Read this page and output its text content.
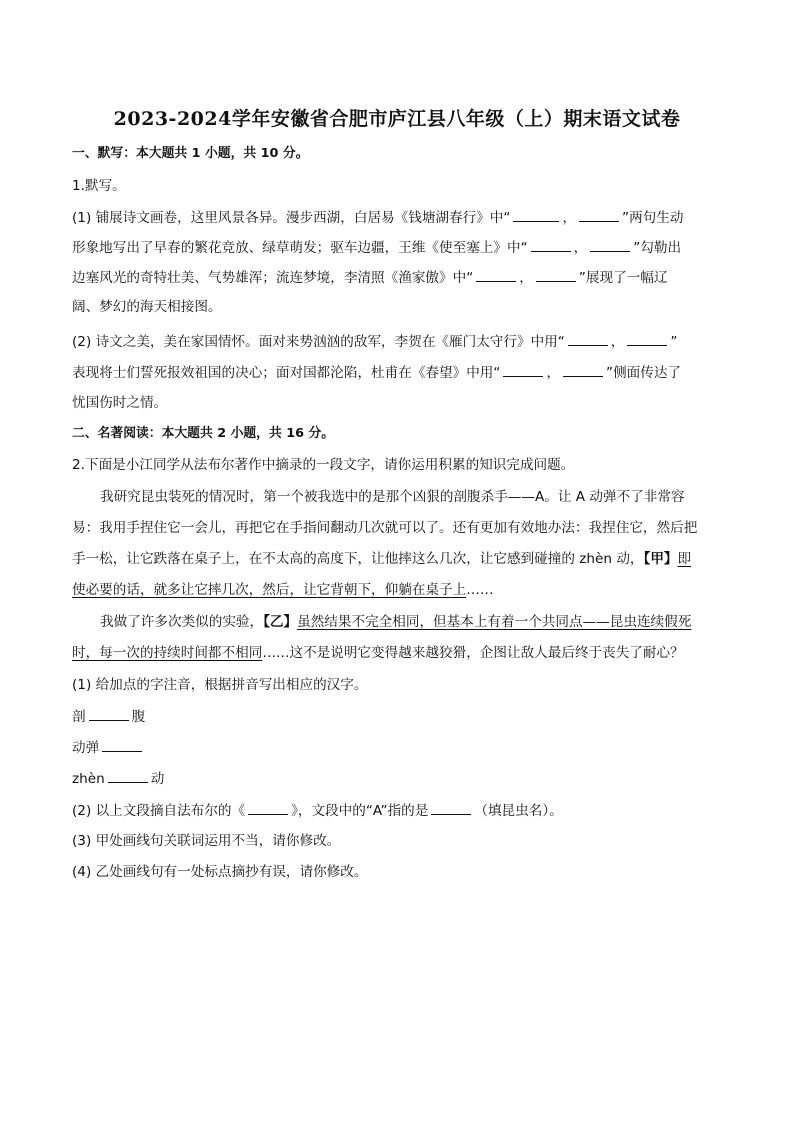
2023-2024学年安徽省合肥市庐江县八年级（上）期末语文试卷
一、默写：本大题共 1 小题，共 10 分。
1.默写。
(1) 铺展诗文画卷，这里风景各异。漫步西湖，白居易《钱塘湖春行》中“	，	”两句生动
形象地写出了早春的繁花竞放、绿草萌发；驱车边疆，王维《使至塞上》中“	，	”勾勒出
边塞风光的奇特壮美、气势雄浑；流连梦境，李清照《渔家傲》中“	，	”展现了一幅辽
阔、梦幻的海天相接图。
(2) 诗文之美，美在家国情怀。面对来势汹汹的敌军，李贺在《雁门太守行》中用“	，	”
表现将士们誓死报效祖国的决心；面对国都沦陷，杜甫在《春望》中用“	，	”侧面传达了
忧国伤时之情。
二、名著阅读：本大题共 2 小题，共 16 分。
2.下面是小江同学从法布尔著作中摘录的一段文字，请你运用积累的知识完成问题。
我研究昆虫装死的情况时，第一个被我选中的是那个凶狠的剖腹杀手——A。让 A 动弹不了非常容
易：我用手捏住它一会儿，再把它在手指间翻动几次就可以了。还有更加有效地办法：我捏住它，然后把
手一松，让它跌落在桌子上，在不太高的高度下，让他摔这么几次，让它感到碰撞的 zhèn 动，【甲】即
使必要的话，就多让它摔几次，然后，让它背朝下，仰躺在桌子上……
我做了许多次类似的实验，【乙】虽然结果不完全相同，但基本上有着一个共同点——昆虫连续假死
时，每一次的持续时间都不相同……这不是说明它变得越来越狡猾，企图让敌人最后终于丧失了耐心？
(1) 给加点的字注音，根据拼音写出相应的汉字。
剖	腹
动弹
zhèn	动
(2) 以上文段摘自法布尔的《	》，文段中的“A”指的是	（填昆虫名）。
(3) 甲处画线句关联词运用不当，请你修改。
(4) 乙处画线句有一处标点摘抄有误，请你修改。
